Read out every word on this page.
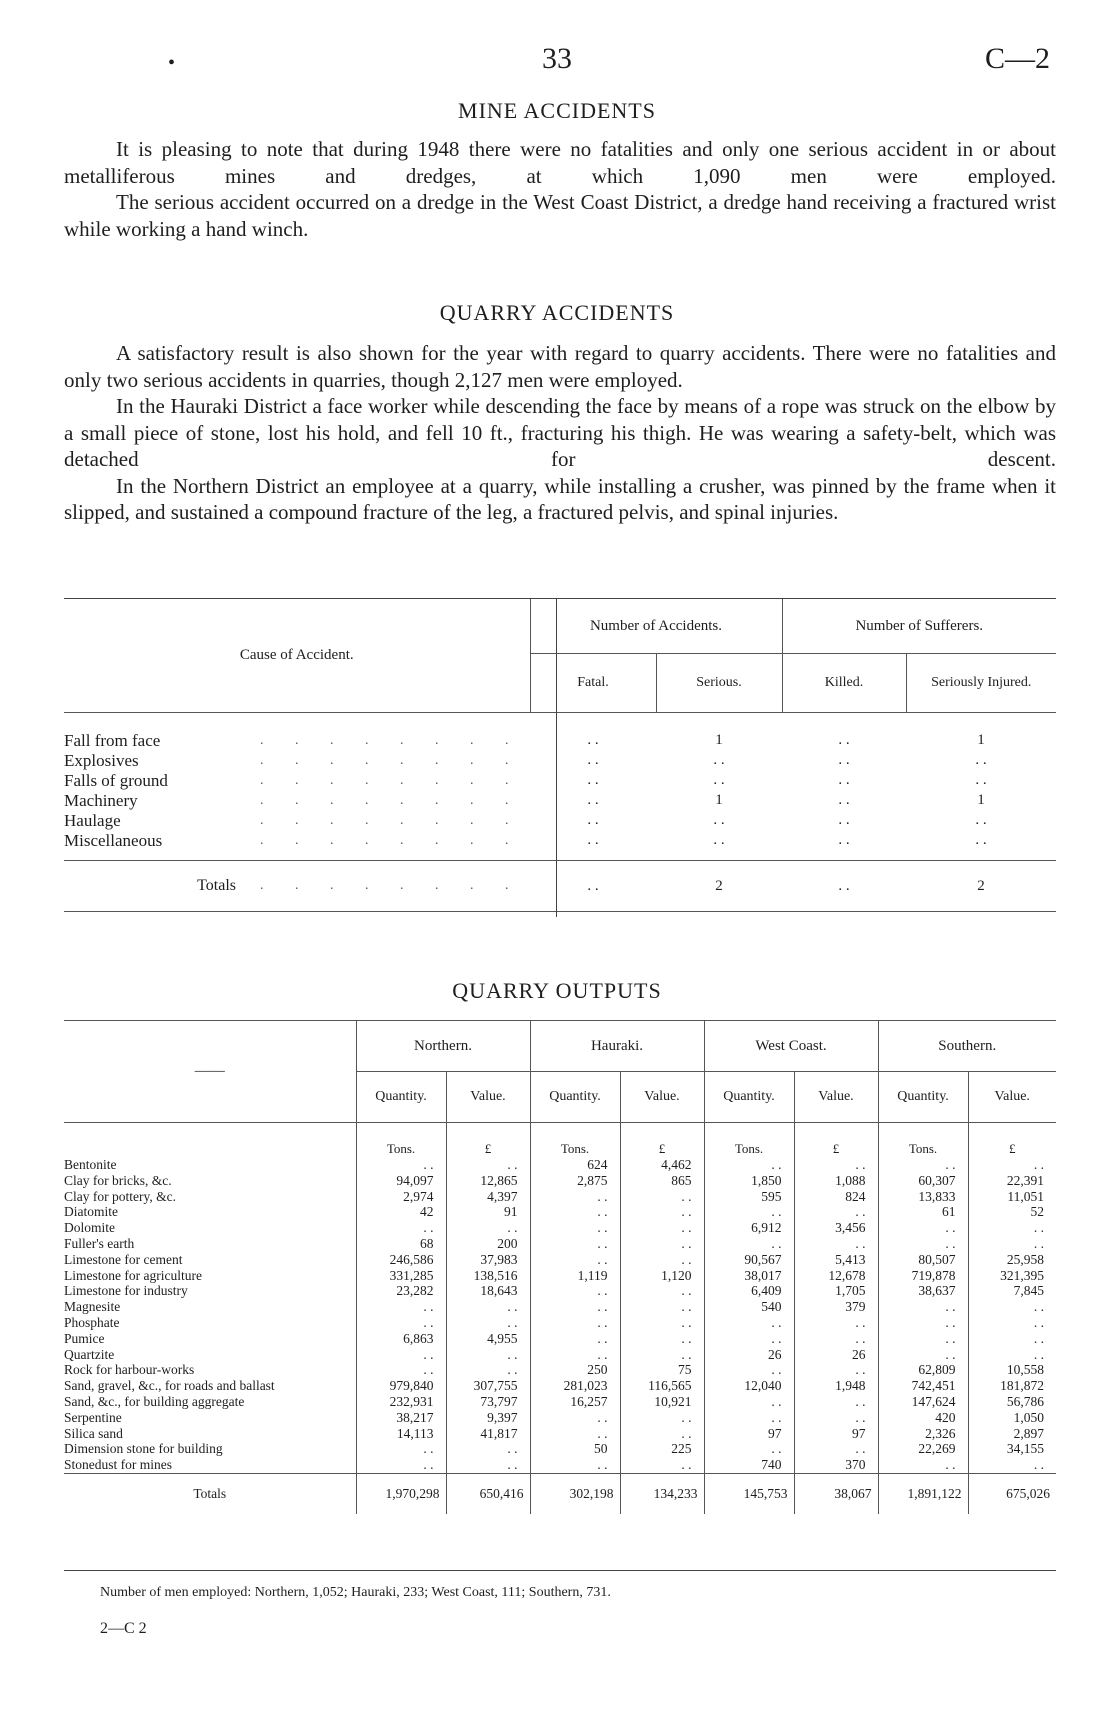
•	33	C—2
MINE ACCIDENTS

It is pleasing to note that during 1948 there were no fatalities and only one serious accident in or about metalliferous mines and dredges, at which 1,090 men were employed.

The serious accident occurred on a dredge in the West Coast District, a dredge hand receiving a fractured wrist while working a hand winch.

QUARRY ACCIDENTS

A satisfactory result is also shown for the year with regard to quarry accidents. There were no fatalities and only two serious accidents in quarries, though 2,127 men were employed.

In the Hauraki District a face worker while descending the face by means of a rope was struck on the elbow by a small piece of stone, lost his hold, and fell 10 ft., fracturing his thigh. He was wearing a safety-belt, which was detached for descent.

In the Northern District an employee at a quarry, while installing a crusher, was pinned by the frame when it slipped, and sustained a compound fracture of the leg, a fractured pelvis, and spinal injuries.

Cause of Accident.		Number of Accidents.		Number of Sufferers.	
		Fatal.	Serious.	Killed.	Seriously Injured.

Fall from face	. . . . . . . .	. .	1	. .	1
Explosives	. . . . . . . .	. .	. .	. .	. .
Falls of ground	. . . . . . . .	. .	. .	. .	. .
Machinery	. . . . . . . .	. .	1	. .	1
Haulage	. . . . . . . .	. .	. .	. .	. .
Miscellaneous	. . . . . . . .	. .	. .	. .	. .

Totals	. . . . . . . .	. .	2	. .	2
QUARRY OUTPUTS
——	Northern.		Hauraki.		West Coast.		Southern.	
	Quantity.	Value.	Quantity.	Value.	Quantity.	Value.	Quantity.	Value.
	Tons.	£	Tons.	£	Tons.	£	Tons.	£
Bentonite	. .	. .	624	4,462	. .	. .	. .	. .
Clay for bricks, &c.	94,097	12,865	2,875	865	1,850	1,088	60,307	22,391
Clay for pottery, &c.	2,974	4,397	. .	. .	595	824	13,833	11,051
Diatomite	42	91	. .	. .	. .	. .	61	52
Dolomite	. .	. .	. .	. .	6,912	3,456	. .	. .
Fuller's earth	68	200	. .	. .	. .	. .	. .	. .
Limestone for cement	246,586	37,983	. .	. .	90,567	5,413	80,507	25,958
Limestone for agriculture	331,285	138,516	1,119	1,120	38,017	12,678	719,878	321,395
Limestone for industry	23,282	18,643	. .	. .	6,409	1,705	38,637	7,845
Magnesite	. .	. .	. .	. .	540	379	. .	. .
Phosphate	. .	. .	. .	. .	. .	. .	. .	. .
Pumice	6,863	4,955	. .	. .	. .	. .	. .	. .
Quartzite	. .	. .	. .	. .	26	26	. .	. .
Rock for harbour-works	. .	. .	250	75	. .	. .	62,809	10,558
Sand, gravel, &c., for roads and ballast	979,840	307,755	281,023	116,565	12,040	1,948	742,451	181,872
Sand, &c., for building aggregate	232,931	73,797	16,257	10,921	. .	. .	147,624	56,786
Serpentine	38,217	9,397	. .	. .	. .	. .	420	1,050
Silica sand	14,113	41,817	. .	. .	97	97	2,326	2,897
Dimension stone for building	. .	. .	50	225	. .	. .	22,269	34,155
Stonedust for mines	. .	. .	. .	. .	740	370	. .	. .
Totals	1,970,298	650,416	302,198	134,233	145,753	38,067	1,891,122	675,026
Number of men employed: Northern, 1,052; Hauraki, 233; West Coast, 111; Southern, 731.
2—C 2
